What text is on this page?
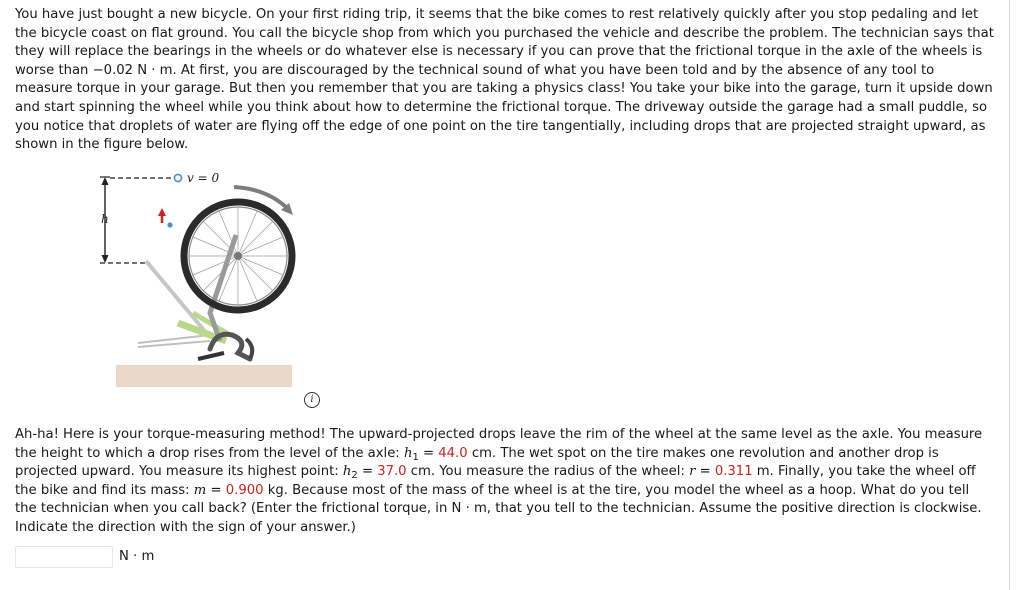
You have just bought a new bicycle. On your first riding trip, it seems that the bike comes to rest relatively quickly after you stop pedaling and let the bicycle coast on flat ground. You call the bicycle shop from which you purchased the vehicle and describe the problem. The technician says that they will replace the bearings in the wheels or do whatever else is necessary if you can prove that the frictional torque in the axle of the wheels is worse than −0.02 N · m. At first, you are discouraged by the technical sound of what you have been told and by the absence of any tool to measure torque in your garage. But then you remember that you are taking a physics class! You take your bike into the garage, turn it upside down and start spinning the wheel while you think about how to determine the frictional torque. The driveway outside the garage had a small puddle, so you notice that droplets of water are flying off the edge of one point on the tire tangentially, including drops that are projected straight upward, as shown in the figure below.

h
v = 0
i

Ah-ha! Here is your torque-measuring method! The upward-projected drops leave the rim of the wheel at the same level as the axle. You measure the height to which a drop rises from the level of the axle: $h_1 = 44.0$ cm. The wet spot on the tire makes one revolution and another drop is projected upward. You measure its highest point: $h_2 = 37.0$ cm. You measure the radius of the wheel: r = 0.311 m. Finally, you take the wheel off the bike and find its mass: m = 0.900 kg. Because most of the mass of the wheel is at the tire, you model the wheel as a hoop. What do you tell the technician when you call back? (Enter the frictional torque, in N · m, that you tell to the technician. Assume the positive direction is clockwise. Indicate the direction with the sign of your answer.)

N · m
